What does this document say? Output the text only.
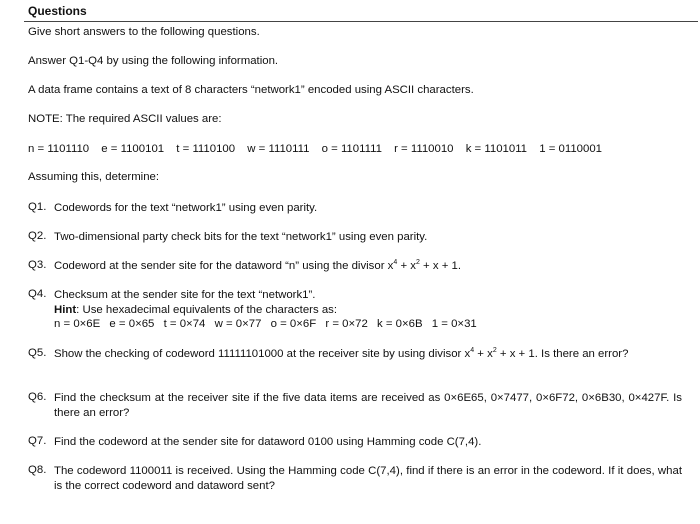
Questions
Give short answers to the following questions.
Answer Q1-Q4 by using the following information.
A data frame contains a text of 8 characters “network1” encoded using ASCII characters.
NOTE: The required ASCII values are:
n = 1101110 e = 1100101 t = 1110100 w = 1110111 o = 1101111 r = 1110010 k = 1101011 1 = 0110001
Assuming this, determine:
Q1. Codewords for the text “network1” using even parity.
Q2. Two-dimensional party check bits for the text “network1” using even parity.
Q3. Codeword at the sender site for the dataword “n” using the divisor $x^4 + x^2 + x + 1$.
Q4. Checksum at the sender site for the text “network1”.
Hint: Use hexadecimal equivalents of the characters as:
n = 0×6E e = 0×65 t = 0×74 w = 0×77 o = 0×6F r = 0×72 k = 0×6B 1 = 0×31
Q5. Show the checking of codeword 11111101000 at the receiver site by using divisor $x^4 + x^2 + x + 1$. Is there an error?
Q6. Find the checksum at the receiver site if the five data items are received as 0×6E65, 0×7477, 0×6F72, 0×6B30, 0×427F. Is there an error?
Q7. Find the codeword at the sender site for dataword 0100 using Hamming code C(7,4).
Q8. The codeword 1100011 is received. Using the Hamming code C(7,4), find if there is an error in the codeword. If it does, what is the correct codeword and dataword sent?
